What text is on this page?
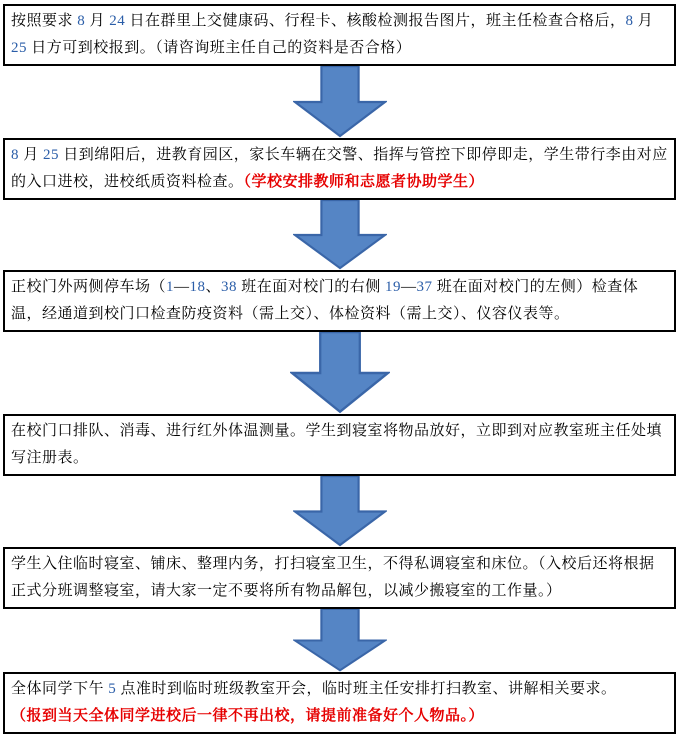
按照要求 8 月 24 日在群里上交健康码、行程卡、核酸检测报告图片，班主任检查合格后，8 月 25 日方可到校报到。（请咨询班主任自己的资料是否合格）

8 月 25 日到绵阳后，进教育园区，家长车辆在交警、指挥与管控下即停即走，学生带行李由对应的入口进校，进校纸质资料检查。（学校安排教师和志愿者协助学生）

正校门外两侧停车场（1—18、38 班在面对校门的右侧 19—37 班在面对校门的左侧）检查体温，经通道到校门口检查防疫资料（需上交）、体检资料（需上交）、仪容仪表等。

在校门口排队、消毒、进行红外体温测量。学生到寝室将物品放好，立即到对应教室班主任处填写注册表。

学生入住临时寝室、铺床、整理内务，打扫寝室卫生，不得私调寝室和床位。（入校后还将根据正式分班调整寝室，请大家一定不要将所有物品解包，以减少搬寝室的工作量。）

全体同学下午 5 点准时到临时班级教室开会，临时班主任安排打扫教室、讲解相关要求。
（报到当天全体同学进校后一律不再出校，请提前准备好个人物品。）
